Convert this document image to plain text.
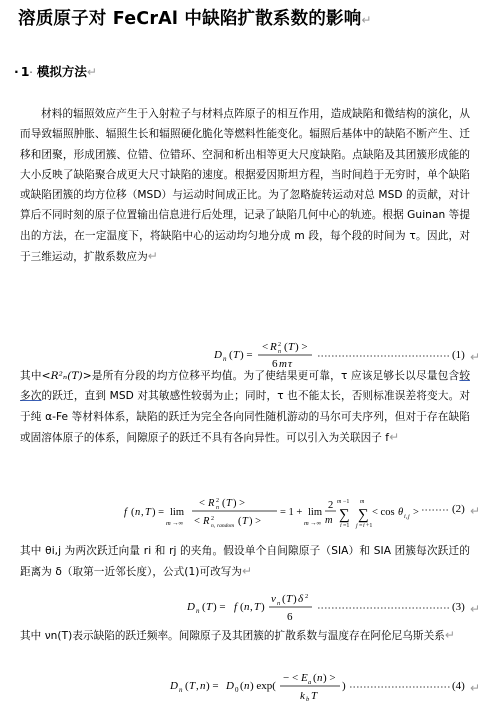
溶质原子对 FeCrAl 中缺陷扩散系数的影响↵
· 1· 模拟方法↵
材料的辐照效应产生于入射粒子与材料点阵原子的相互作用，造成缺陷和微结构的演化，从而导致辐照肿胀、辐照生长和辐照硬化脆化等燃料性能变化。辐照后基体中的缺陷不断产生、迁移和团聚，形成团簇、位错、位错环、空洞和析出相等更大尺度缺陷。点缺陷及其团簇形成能的大小反映了缺陷聚合成更大尺寸缺陷的速度。根据爱因斯坦方程，当时间趋于无穷时，单个缺陷或缺陷团簇的均方位移（MSD）与运动时间成正比。为了忽略旋转运动对总 MSD 的贡献，对计算后不同时刻的原子位置输出信息进行后处理，记录了缺陷几何中心的轨迹。根据 Guinan 等提出的方法，在一定温度下，将缺陷中心的运动均匀地分成 m 段，每个段的时间为 τ。因此，对于三维运动，扩散系数应为↵
D n ( T ) =
< R 2
n ( T ) >
6 m τ
(1) ↵
其中<R²ₙ(T)>是所有分段的均方位移平均值。为了使结果更可靠，τ 应该足够长以尽量包含较多次的跃迁，直到 MSD 对其敏感性较弱为止；同时，τ 也不能太长，否则标准误差将变大。对于纯 α-Fe 等材料体系，缺陷的跃迁为完全各向同性随机游动的马尔可夫序列，但对于存在缺陷或固溶体原子的体系，间隙原子的跃迁不具有各向异性。可以引入为关联因子 f↵
f ( n , T ) = lim
m →∞
< R 2
n ( T ) >
< R 2
n, random ( T ) >
= 1 + lim
m →∞
2
m
m −1
∑
i =1
m
∑
j = i +1
< cos θ i , j >	(2) ↵
其中 θi,j 为两次跃迁向量 ri 和 rj 的夹角。假设单个自间隙原子（SIA）和 SIA 团簇每次跃迁的距离为 δ（取第一近邻长度），公式(1)可改写为↵
D n ( T ) = f ( n , T )
ν n ( T ) δ 2
6
(3) ↵
其中 νn(T)表示缺陷的跃迁频率。间隙原子及其团簇的扩散系数与温度存在阿伦尼乌斯关系↵
D n ( T , n ) = D 0 ( n ) exp(
− < E a ( n ) >
k b T
)	(4) ↵
